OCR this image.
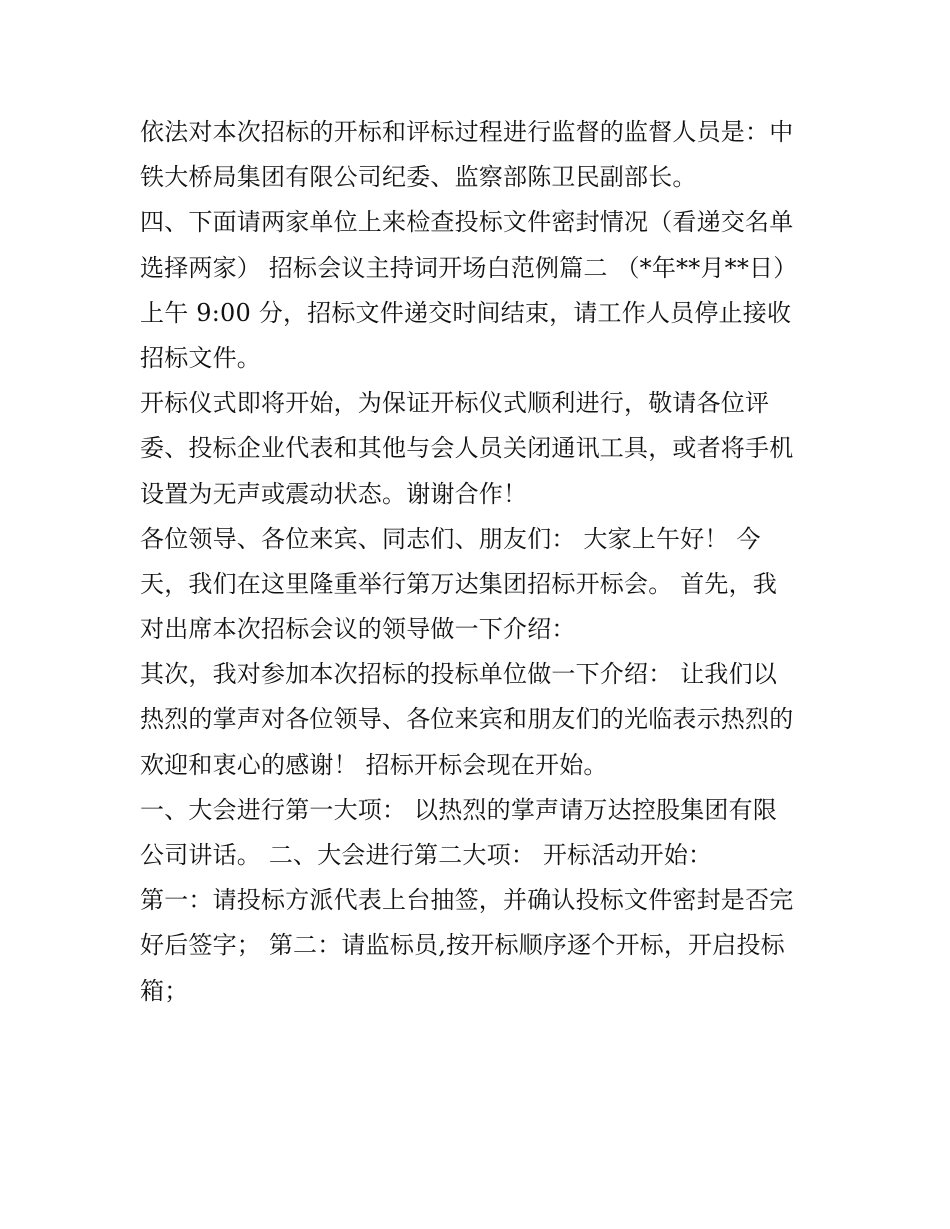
依法对本次招标的开标和评标过程进行监督的监督人员是：中
铁大桥局集团有限公司纪委、监察部陈卫民副部长。
四、下面请两家单位上来检查投标文件密封情况（看递交名单
选择两家） 招标会议主持词开场白范例篇二 （*年**月**日）
上午 9:00 分，招标文件递交时间结束，请工作人员停止接收
招标文件。
开标仪式即将开始，为保证开标仪式顺利进行，敬请各位评
委、投标企业代表和其他与会人员关闭通讯工具，或者将手机
设置为无声或震动状态。谢谢合作！
各位领导、各位来宾、同志们、朋友们： 大家上午好！ 今
天，我们在这里隆重举行第万达集团招标开标会。 首先，我
对出席本次招标会议的领导做一下介绍：
其次，我对参加本次招标的投标单位做一下介绍： 让我们以
热烈的掌声对各位领导、各位来宾和朋友们的光临表示热烈的
欢迎和衷心的感谢！ 招标开标会现在开始。
一、大会进行第一大项： 以热烈的掌声请万达控股集团有限
公司讲话。 二、大会进行第二大项： 开标活动开始：
第一：请投标方派代表上台抽签，并确认投标文件密封是否完
好后签字； 第二：请监标员,按开标顺序逐个开标，开启投标
箱；
